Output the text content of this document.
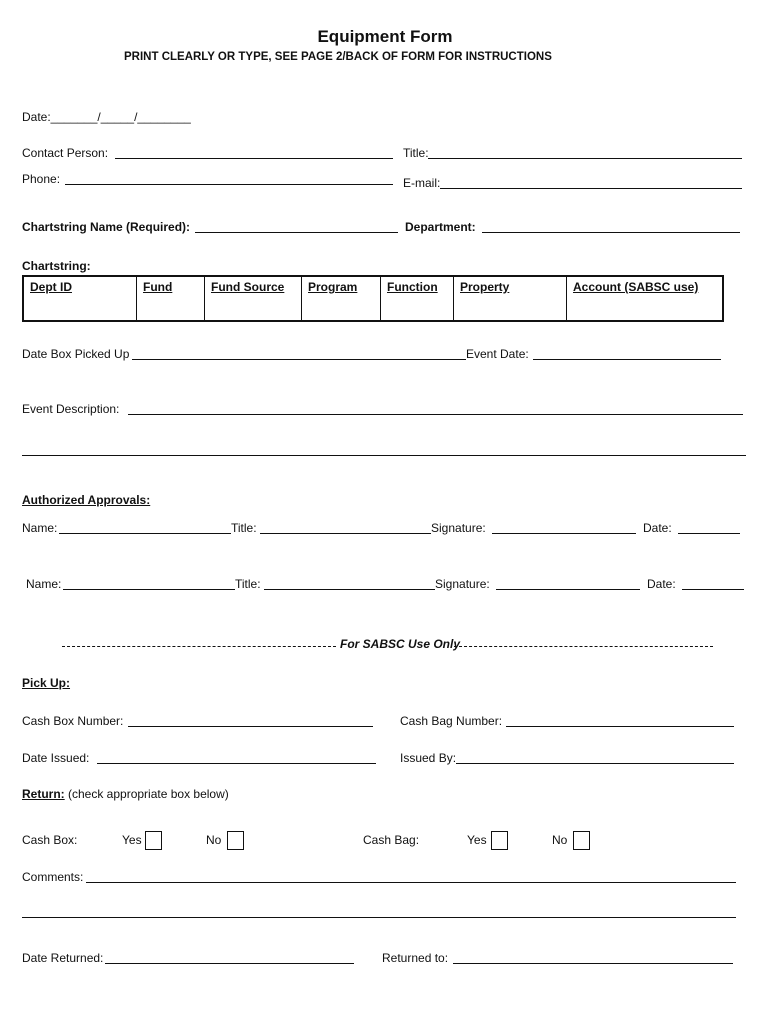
Equipment Form
PRINT CLEARLY OR TYPE, SEE PAGE 2/BACK OF FORM FOR INSTRUCTIONS
Date:_______/_____/________
Contact Person:	Title:
Phone:	E-mail:
Chartstring Name (Required):	Department:
Chartstring:
Dept ID	Fund	Fund Source	Program	Function	Property	Account (SABSC use)
Date Box Picked Up	Event Date:
Event Description:
Authorized Approvals:
Name:	Title:	Signature:	Date:
Name:	Title:	Signature:	Date:
For SABSC Use Only
Pick Up:
Cash Box Number:	Cash Bag Number:
Date Issued:	Issued By:
Return: (check appropriate box below)
Cash Box:	Yes	No	Cash Bag:	Yes	No
Comments:
Date Returned:	Returned to:
